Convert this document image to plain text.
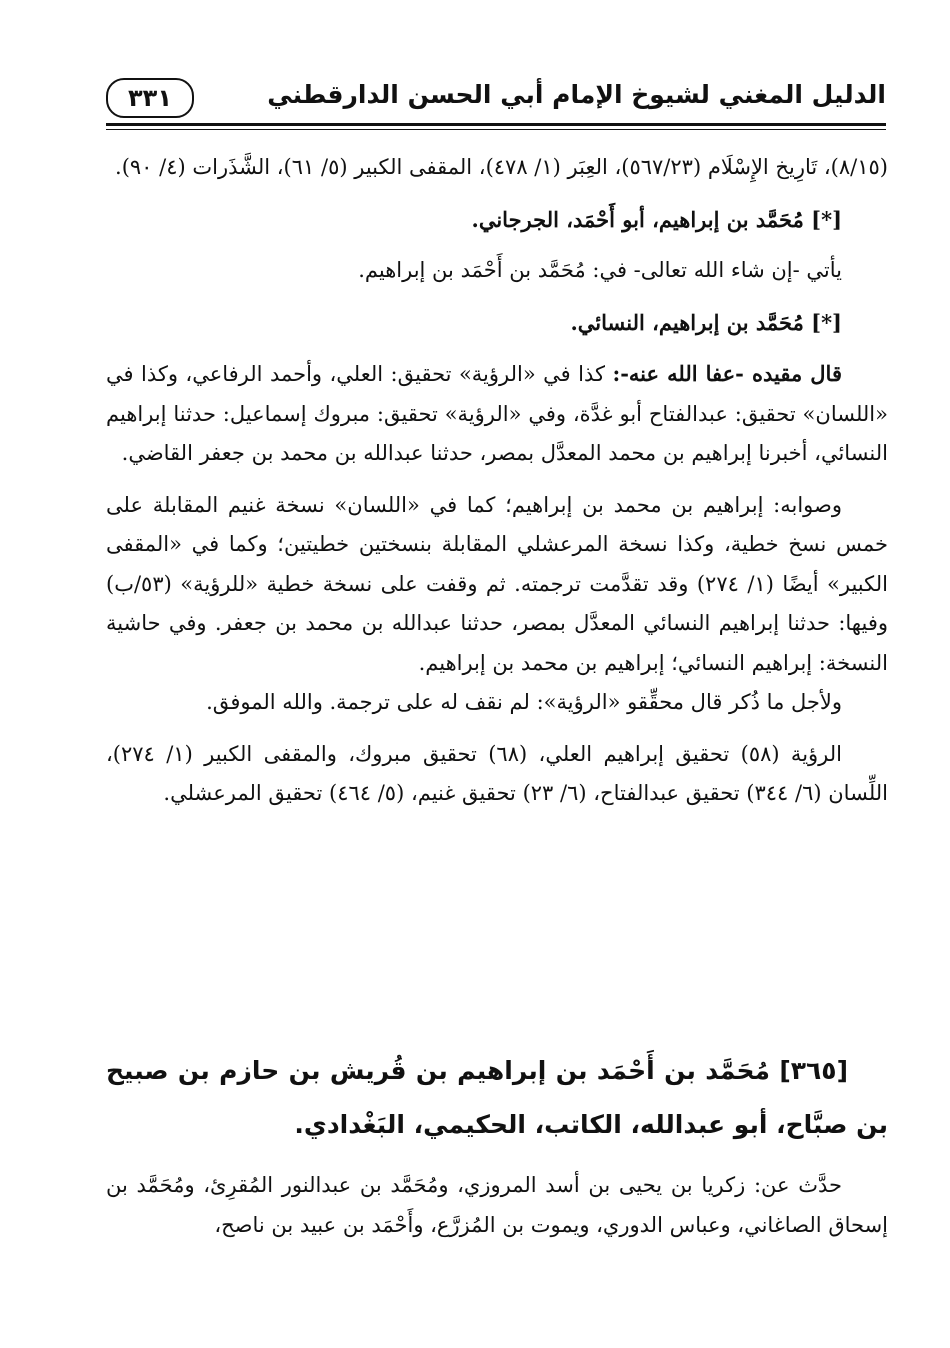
الدليل المغني لشيوخ الإمام أبي الحسن الدارقطني
٣٣١

(٨/١٥)، تَارِيخ الإِسْلَام (٥٦٧/٢٣)، العِبَر (١/ ٤٧٨)، المقفى الكبير (٥/ ٦١)، الشَّذَرات (٤/ ٩٠).

[*] مُحَمَّد بن إبراهيم، أبو أَحْمَد، الجرجاني.

يأتي -إن شاء الله تعالى- في: مُحَمَّد بن أَحْمَد بن إبراهيم.

[*] مُحَمَّد بن إبراهيم، النسائي.

قال مقيده -عفا الله عنه-: كذا في «الرؤية» تحقيق: العلي، وأحمد الرفاعي، وكذا في «اللسان» تحقيق: عبدالفتاح أبو غدَّة، وفي «الرؤية» تحقيق: مبروك إسماعيل: حدثنا إبراهيم النسائي، أخبرنا إبراهيم بن محمد المعدَّل بمصر، حدثنا عبدالله بن محمد بن جعفر القاضي.

وصوابه: إبراهيم بن محمد بن إبراهيم؛ كما في «اللسان» نسخة غنيم المقابلة على خمس نسخ خطية، وكذا نسخة المرعشلي المقابلة بنسختين خطيتين؛ وكما في «المقفى الكبير» أيضًا (١/ ٢٧٤) وقد تقدَّمت ترجمته. ثم وقفت على نسخة خطية «للرؤية» (٥٣/ب) وفيها: حدثنا إبراهيم النسائي المعدَّل بمصر، حدثنا عبدالله بن محمد بن جعفر. وفي حاشية النسخة: إبراهيم النسائي؛ إبراهيم بن محمد بن إبراهيم.

ولأجل ما ذُكر قال محقِّقو «الرؤية»: لم نقف له على ترجمة. والله الموفق.

الرؤية (٥٨) تحقيق إبراهيم العلي، (٦٨) تحقيق مبروك، والمقفى الكبير (١/ ٢٧٤)، اللِّسان (٦/ ٣٤٤) تحقيق عبدالفتاح، (٦/ ٢٣) تحقيق غنيم، (٥/ ٤٦٤) تحقيق المرعشلي.

[٣٦٥] مُحَمَّد بن أَحْمَد بن إبراهيم بن قُريش بن حازم بن صبيح بن صبَّاح، أبو عبدالله، الكاتب، الحكيمي، البَغْدادي.

حدَّث عن: زكريا بن يحيى بن أسد المروزي، ومُحَمَّد بن عبدالنور المُقرِئ، ومُحَمَّد بن إسحاق الصاغاني، وعباس الدوري، ويموت بن المُزرَّع، وأَحْمَد بن عبيد بن ناصح،
